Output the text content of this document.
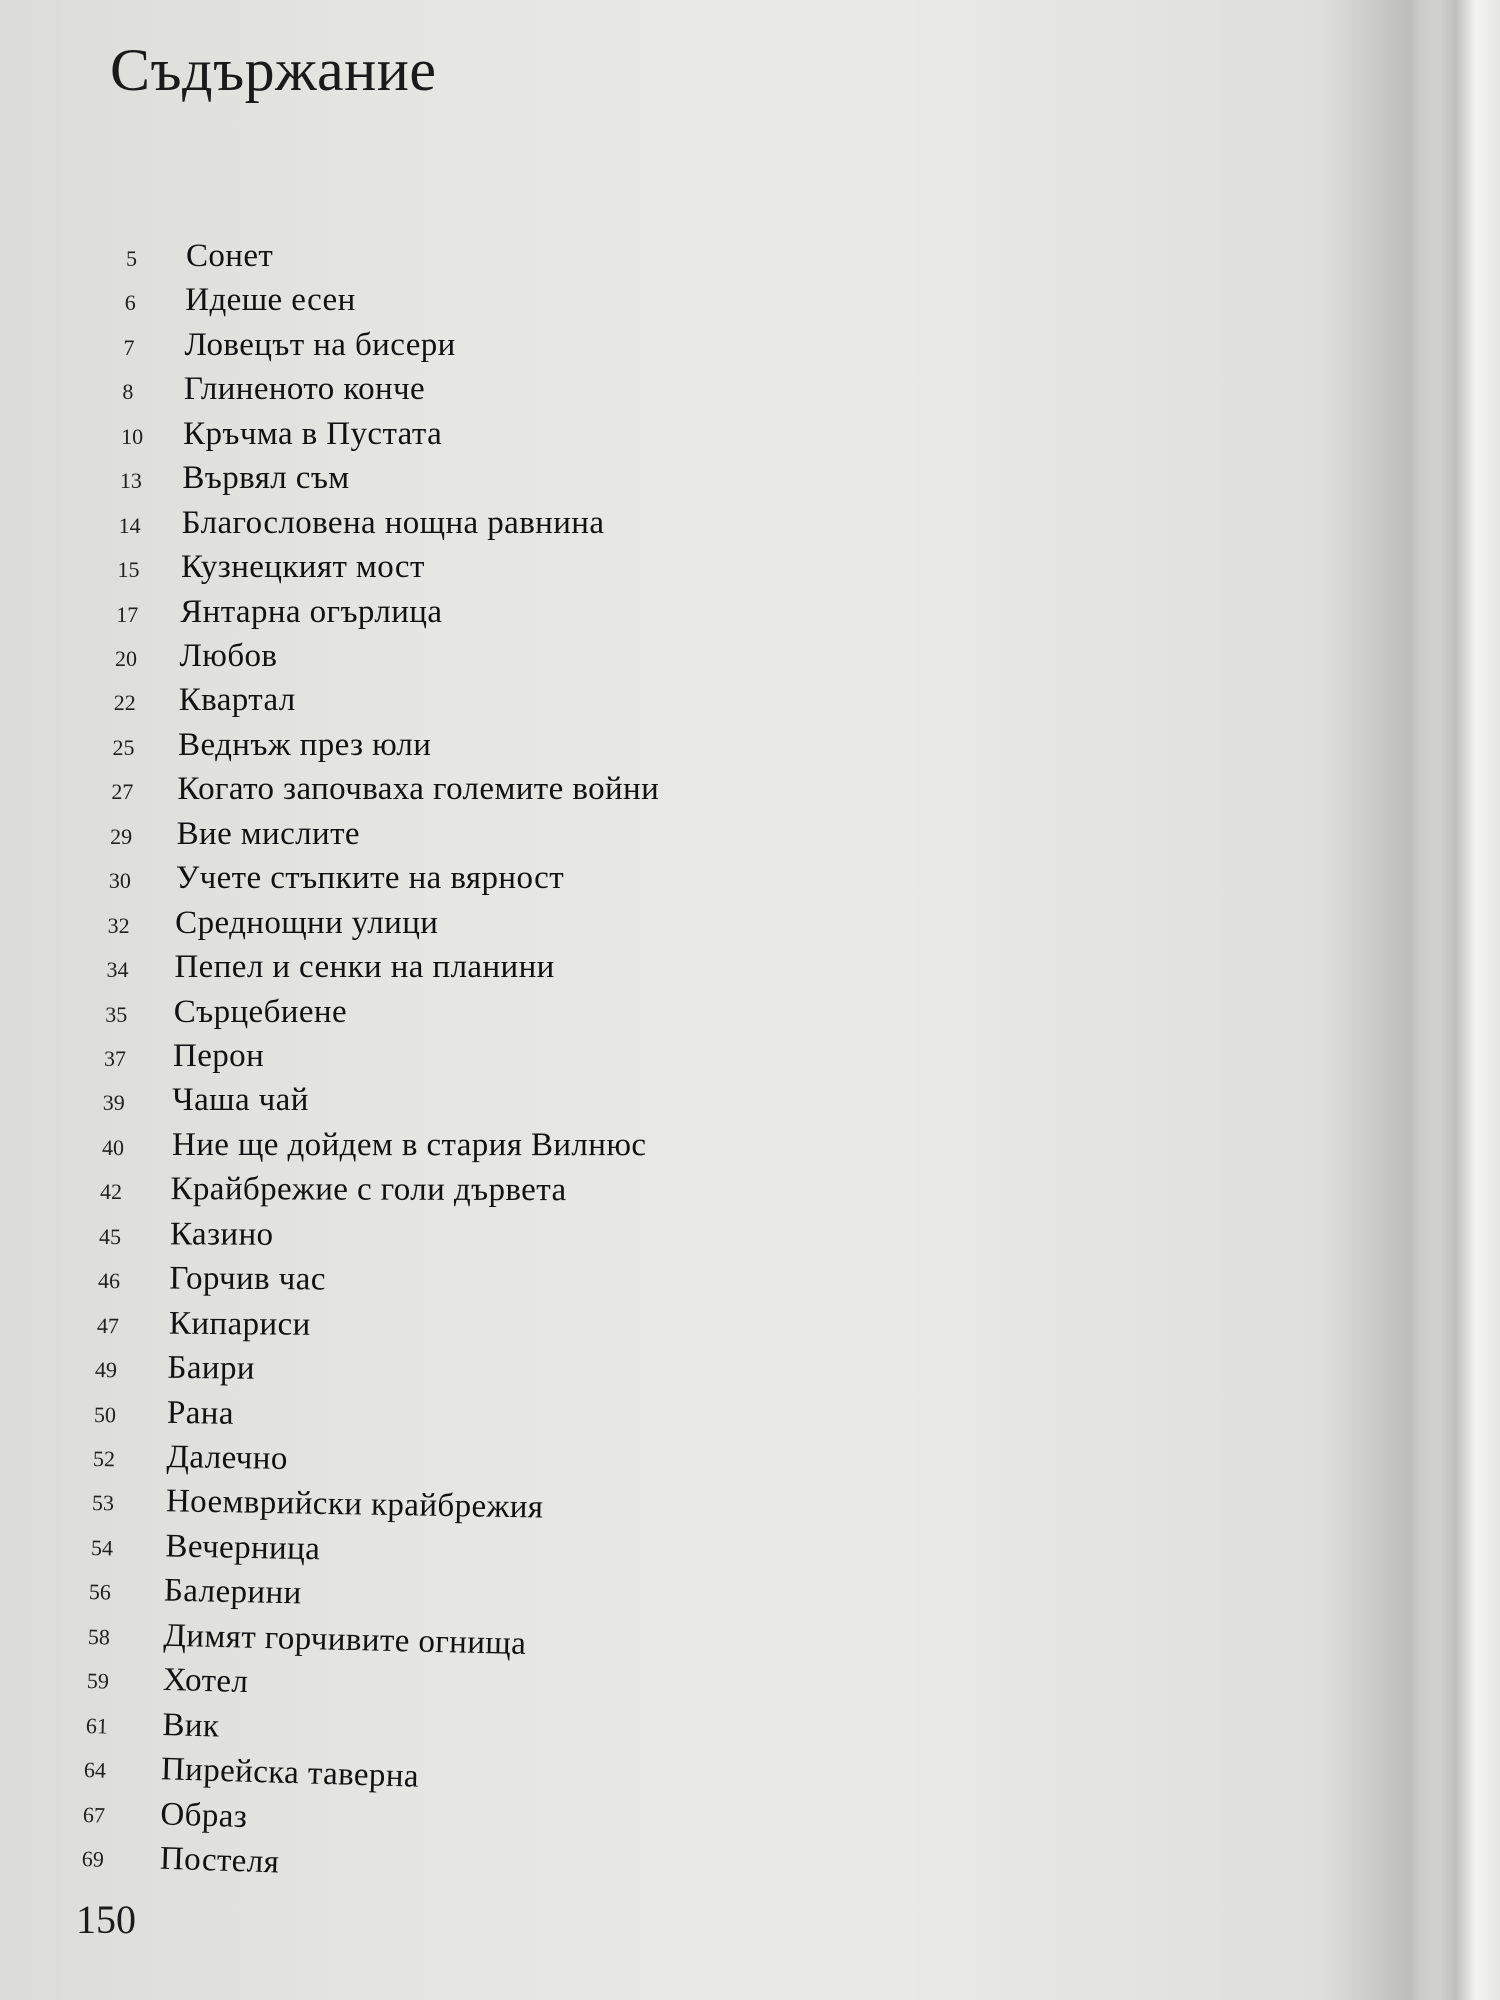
Съдържание
5	Сонет
6	Идеше есен
7	Ловецът на бисери
8	Глиненото конче
10	Кръчма в Пустата
13	Вървял съм
14	Благословена нощна равнина
15	Кузнецкият мост
17	Янтарна огърлица
20	Любов
22	Квартал
25	Веднъж през юли
27	Когато започваха големите войни
29	Вие мислите
30	Учете стъпките на вярност
32	Среднощни улици
34	Пепел и сенки на планини
35	Сърцебиене
37	Перон
39	Чаша чай
40	Ние ще дойдем в стария Вилнюс
42	Крайбрежие с голи дървета
45	Казино
46	Горчив час
47	Кипариси
49	Баири
50	Рана
52	Далечно
53	Ноемврийски крайбрежия
54	Вечерница
56	Балерини
58	Димят горчивите огнища
59	Хотел
61	Вик
64	Пирейска таверна
67	Образ
69	Постеля
150
